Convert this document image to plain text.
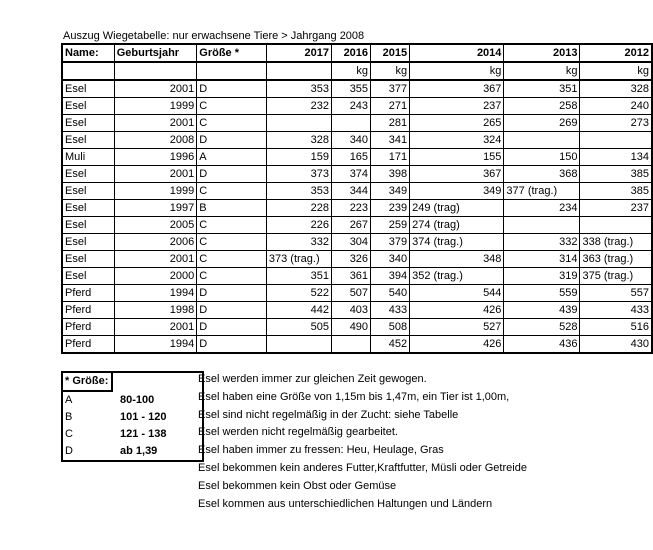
Auszug Wiegetabelle: nur erwachsene Tiere > Jahrgang 2008
Name:	Geburtsjahr	Größe *	2017	2016	2015	2014	2013	2012
				kg	kg	kg	kg	kg
Esel	2001	D	353	355	377	367	351	328
Esel	1999	C	232	243	271	237	258	240
Esel	2001	C			281	265	269	273
Esel	2008	D	328	340	341	324		
Muli	1996	A	159	165	171	155	150	134
Esel	2001	D	373	374	398	367	368	385
Esel	1999	C	353	344	349	349	377 (trag.)	385
Esel	1997	B	228	223	239	249 (trag)	234	237
Esel	2005	C	226	267	259	274 (trag)		
Esel	2006	C	332	304	379	374 (trag.)	332	338 (trag.)
Esel	2001	C	373 (trag.)	326	340	348	314	363 (trag.)
Esel	2000	C	351	361	394	352 (trag.)	319	375 (trag.)
Pferd	1994	D	522	507	540	544	559	557
Pferd	1998	D	442	403	433	426	439	433
Pferd	2001	D	505	490	508	527	528	516
Pferd	1994	D			452	426	436	430
* Größe:	
A	80-100
B	101 - 120
C	121 - 138
D	ab 1,39
Esel werden immer zur gleichen Zeit gewogen.
Esel haben eine Größe von 1,15m bis 1,47m, ein Tier ist 1,00m,
Esel sind nicht regelmäßig in der Zucht: siehe Tabelle
Esel werden nicht regelmäßig gearbeitet.
Esel haben immer zu fressen: Heu, Heulage, Gras
Esel bekommen kein anderes Futter,Kraftfutter, Müsli oder Getreide
Esel bekommen kein Obst oder Gemüse
Esel kommen aus unterschiedlichen Haltungen und Ländern
